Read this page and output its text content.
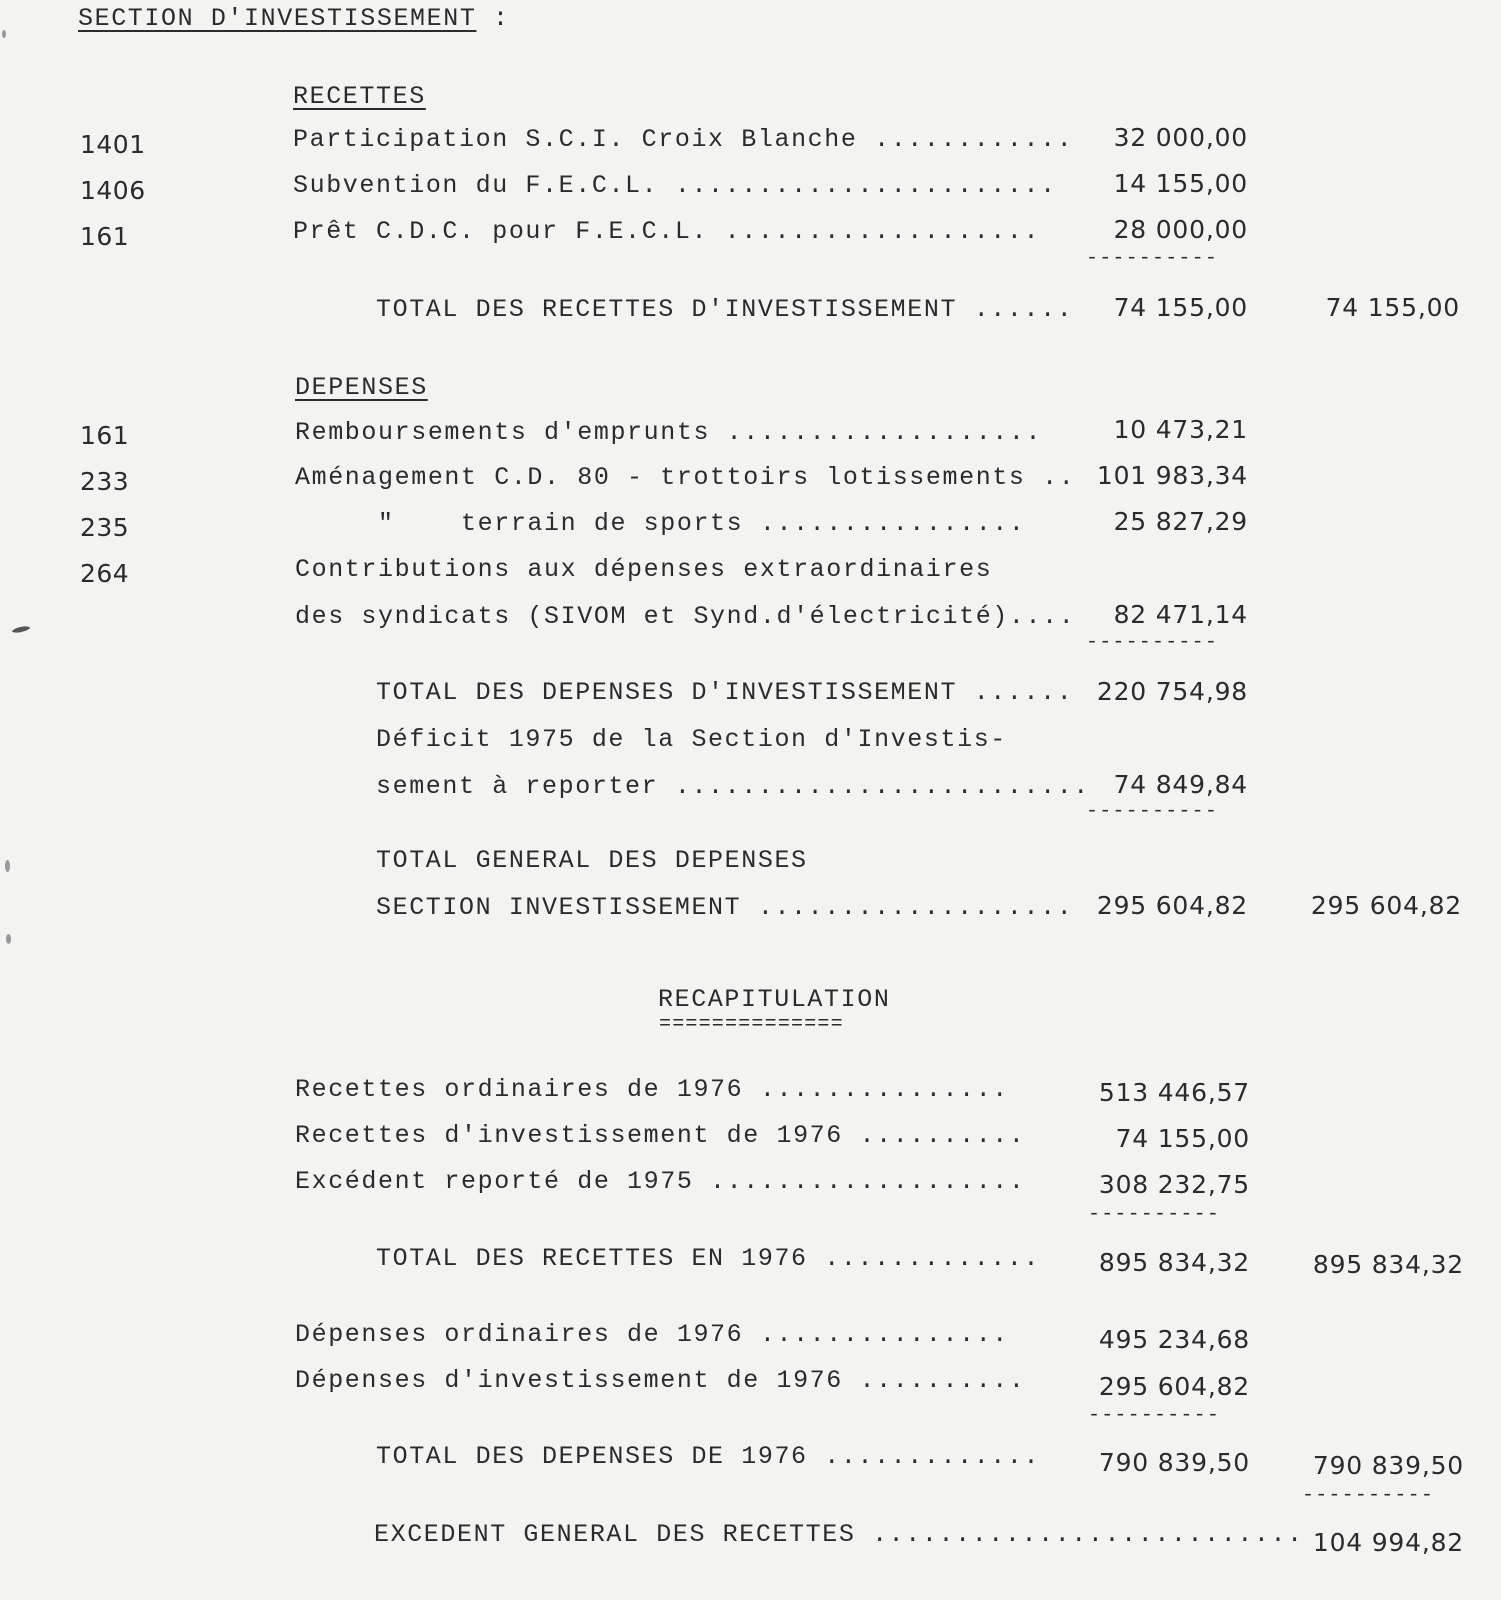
SECTION D'INVESTISSEMENT :
RECETTES
1401	Participation S.C.I. Croix Blanche ............	32 000,00
1406	Subvention du F.E.C.L. .......................	14 155,00
161	Prêt C.D.C. pour F.E.C.L. ...................	28 000,00
----------
TOTAL DES RECETTES D'INVESTISSEMENT ......	74 155,00	74 155,00
DEPENSES
161	Remboursements d'emprunts ...................	10 473,21
233	Aménagement C.D. 80 - trottoirs lotissements .. 101 983,34
235	"    terrain de sports ................	25 827,29
264	Contributions aux dépenses extraordinaires
des syndicats (SIVOM et Synd.d'électricité)....	82 471,14
----------
TOTAL DES DEPENSES D'INVESTISSEMENT ...... 220 754,98
Déficit 1975 de la Section d'Investis-
sement à reporter ......................... 74 849,84
----------
TOTAL GENERAL DES DEPENSES
SECTION INVESTISSEMENT ................... 295 604,82	295 604,82
RECAPITULATION
==============
Recettes ordinaires de 1976 ...............	513 446,57
Recettes d'investissement de 1976 ..........	74 155,00
Excédent reporté de 1975 ...................	308 232,75
----------
TOTAL DES RECETTES EN 1976 .............	895 834,32	895 834,32
Dépenses ordinaires de 1976 ...............	495 234,68
Dépenses d'investissement de 1976 ..........	295 604,82
----------
TOTAL DES DEPENSES DE 1976 .............	790 839,50	790 839,50
----------
EXCEDENT GENERAL DES RECETTES .......................... 104 994,82
